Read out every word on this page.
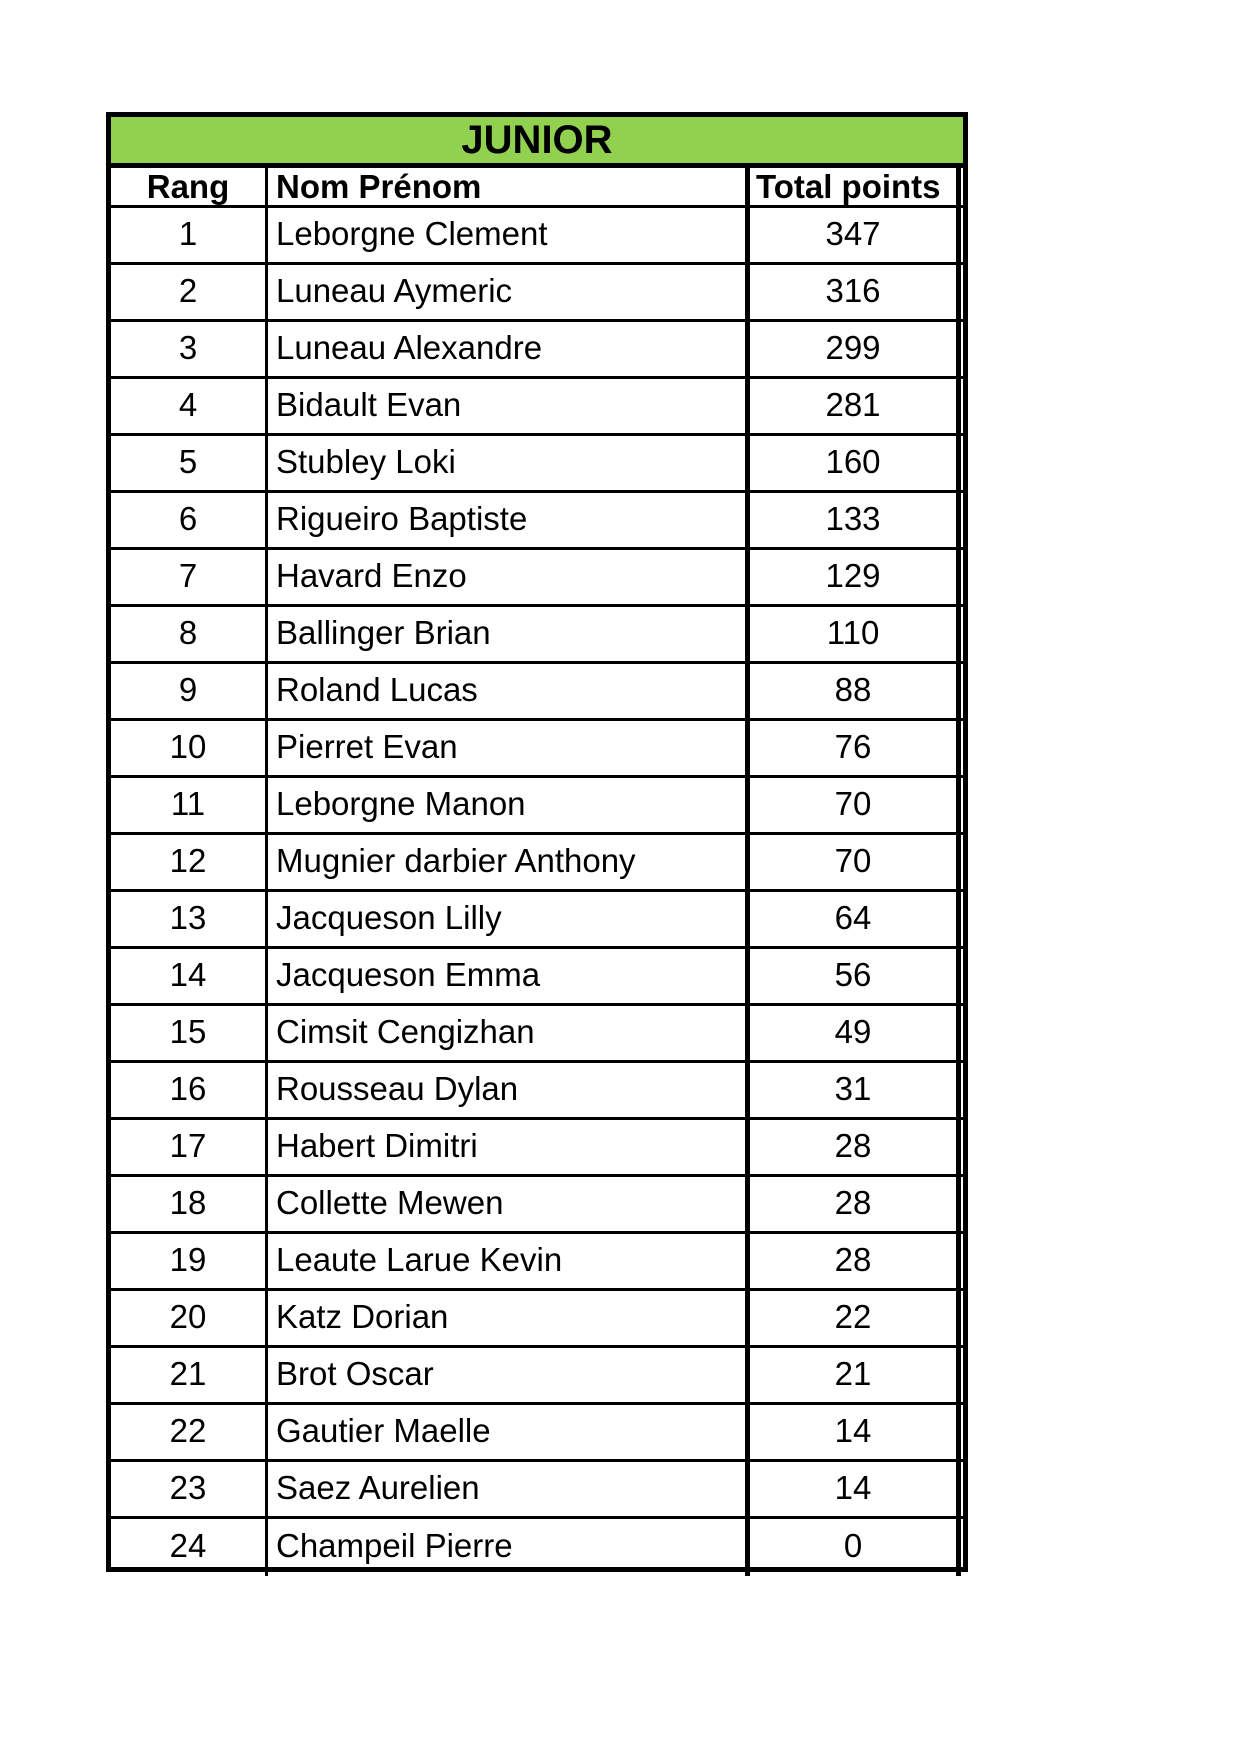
JUNIOR
Rang	Nom Prénom	Total points
1	Leborgne Clement	347
2	Luneau Aymeric	316
3	Luneau Alexandre	299
4	Bidault Evan	281
5	Stubley Loki	160
6	Rigueiro Baptiste	133
7	Havard Enzo	129
8	Ballinger Brian	110
9	Roland Lucas	88
10	Pierret Evan	76
11	Leborgne Manon	70
12	Mugnier darbier Anthony	70
13	Jacqueson Lilly	64
14	Jacqueson Emma	56
15	Cimsit Cengizhan	49
16	Rousseau Dylan	31
17	Habert Dimitri	28
18	Collette Mewen	28
19	Leaute Larue Kevin	28
20	Katz Dorian	22
21	Brot Oscar	21
22	Gautier Maelle	14
23	Saez Aurelien	14
24	Champeil Pierre	0
